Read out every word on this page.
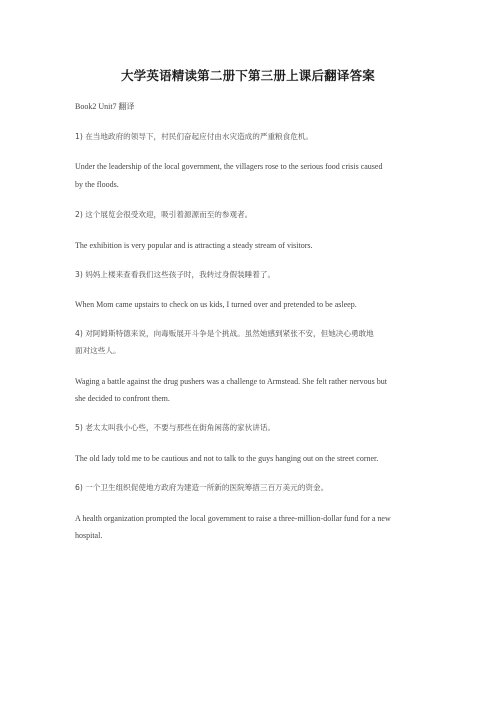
大学英语精读第二册下第三册上课后翻译答案
Book2 Unit7 翻译
1) 在当地政府的领导下，村民们奋起应付由水灾造成的严重粮食危机。
Under the leadership of the local government, the villagers rose to the serious food crisis caused
by the floods.
2) 这个展览会很受欢迎，吸引着源源而至的参观者。
The exhibition is very popular and is attracting a steady stream of visitors.
3) 妈妈上楼来查看我们这些孩子时，我转过身假装睡着了。
When Mom came upstairs to check on us kids, I turned over and pretended to be asleep.
4) 对阿姆斯特德来说，向毒贩展开斗争是个挑战。虽然她感到紧张不安，但她决心勇敢地
面对这些人。
Waging a battle against the drug pushers was a challenge to Armstead. She felt rather nervous but
she decided to confront them.
5) 老太太叫我小心些，不要与那些在街角闲荡的家伙讲话。
The old lady told me to be cautious and not to talk to the guys hanging out on the street corner.
6) 一个卫生组织促使地方政府为建造一所新的医院筹措三百万美元的资金。
A health organization prompted the local government to raise a three-million-dollar fund for a new
hospital.
